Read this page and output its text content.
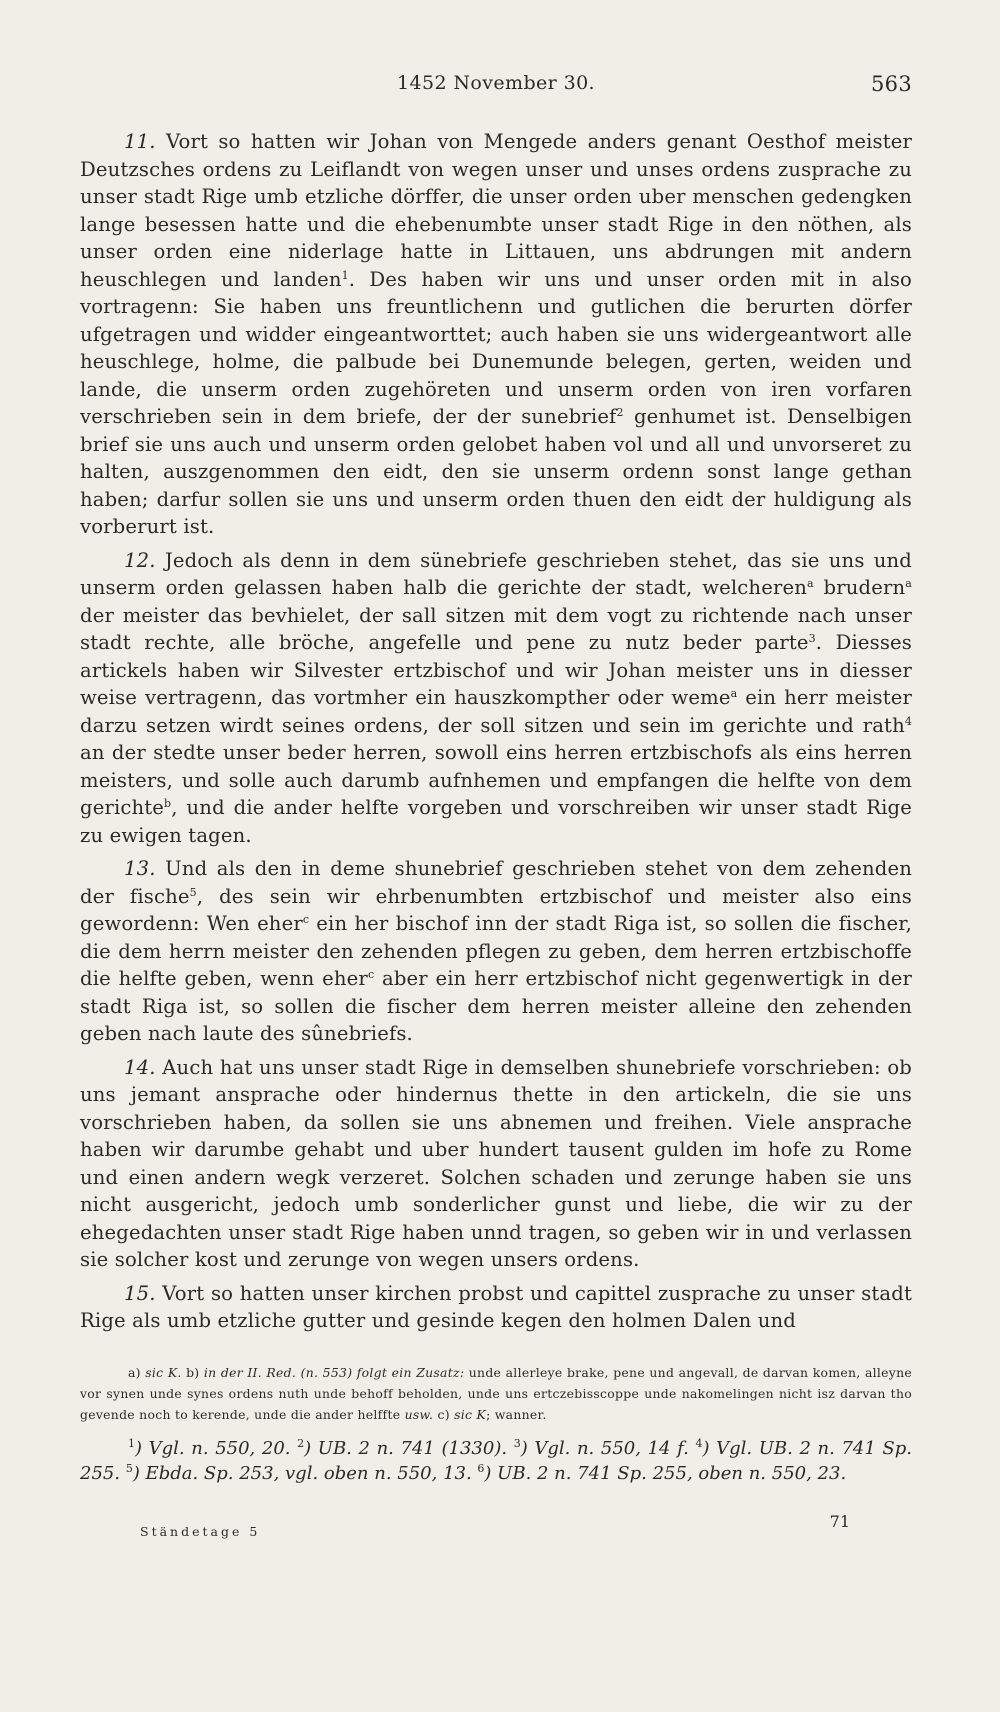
1452 November 30.	563

11. Vort so hatten wir Johan von Mengede anders genant Oesthof meister Deutzsches ordens zu Leiflandt von wegen unser und unses ordens zusprache zu unser stadt Rige umb etzliche dörffer, die unser orden uber menschen gedengken lange besessen hatte und die ehebenumbte unser stadt Rige in den nöthen, als unser orden eine niderlage hatte in Littauen, uns abdrungen mit andern heuschlegen und landen$^1$. Des haben wir uns und unser orden mit in also vortragenn: Sie haben uns freuntlichenn und gutlichen die berurten dörfer ufgetragen und widder eingeantworttet; auch haben sie uns widergeantwort alle heuschlege, holme, die palbude bei Dunemunde belegen, gerten, weiden und lande, die unserm orden zugehöreten und unserm orden von iren vorfaren verschrieben sein in dem briefe, der der sunebrief$^2$ genhumet ist. Denselbigen brief sie uns auch und unserm orden gelobet haben vol und all und unvorseret zu halten, auszgenommen den eidt, den sie unserm ordenn sonst lange gethan haben; darfur sollen sie uns und unserm orden thuen den eidt der huldigung als vorberurt ist.

12. Jedoch als denn in dem sünebriefe geschrieben stehet, das sie uns und unserm orden gelassen haben halb die gerichte der stadt, welcheren$^a$ brudern$^a$ der meister das bevhielet, der sall sitzen mit dem vogt zu richtende nach unser stadt rechte, alle bröche, angefelle und pene zu nutz beder parte$^3$. Diesses artickels haben wir Silvester ertzbischof und wir Johan meister uns in diesser weise vertragenn, das vortmher ein hauszkompther oder weme$^a$ ein herr meister darzu setzen wirdt seines ordens, der soll sitzen und sein im gerichte und rath$^4$ an der stedte unser beder herren, sowoll eins herren ertzbischofs als eins herren meisters, und solle auch darumb aufnhemen und empfangen die helfte von dem gerichte$^b$, und die ander helfte vorgeben und vorschreiben wir unser stadt Rige zu ewigen tagen.

13. Und als den in deme shunebrief geschrieben stehet von dem zehenden der fische$^5$, des sein wir ehrbenumbten ertzbischof und meister also eins gewordenn: Wen eher$^c$ ein her bischof inn der stadt Riga ist, so sollen die fischer, die dem herrn meister den zehenden pflegen zu geben, dem herren ertzbischoffe die helfte geben, wenn eher$^c$ aber ein herr ertzbischof nicht gegenwertigk in der stadt Riga ist, so sollen die fischer dem herren meister alleine den zehenden geben nach laute des sûnebriefs.

14. Auch hat uns unser stadt Rige in demselben shunebriefe vorschrieben: ob uns jemant ansprache oder hindernus thette in den artickeln, die sie uns vorschrieben haben, da sollen sie uns abnemen und freihen. Viele ansprache haben wir darumbe gehabt und uber hundert tausent gulden im hofe zu Rome und einen andern wegk verzeret. Solchen schaden und zerunge haben sie uns nicht ausgericht, jedoch umb sonderlicher gunst und liebe, die wir zu der ehegedachten unser stadt Rige haben unnd tragen, so geben wir in und verlassen sie solcher kost und zerunge von wegen unsers ordens.

15. Vort so hatten unser kirchen probst und capittel zusprache zu unser stadt Rige als umb etzliche gutter und gesinde kegen den holmen Dalen und

a) sic K. b) in der II. Red. (n. 553) folgt ein Zusatz: unde allerleye brake, pene und angevall, de darvan komen, alleyne vor synen unde synes ordens nuth unde behoff beholden, unde uns ertczebisscoppe unde nakomelingen nicht isz darvan tho gevende noch to kerende, unde die ander helffte usw. c) sic K; wanner.
$^1$) Vgl. n. 550, 20. $^2$) UB. 2 n. 741 (1330). $^3$) Vgl. n. 550, 14 f. $^4$) Vgl. UB. 2 n. 741 Sp. 255. $^5$) Ebda. Sp. 253, vgl. oben n. 550, 13. $^6$) UB. 2 n. 741 Sp. 255, oben n. 550, 23.
71
Ständetage 5
